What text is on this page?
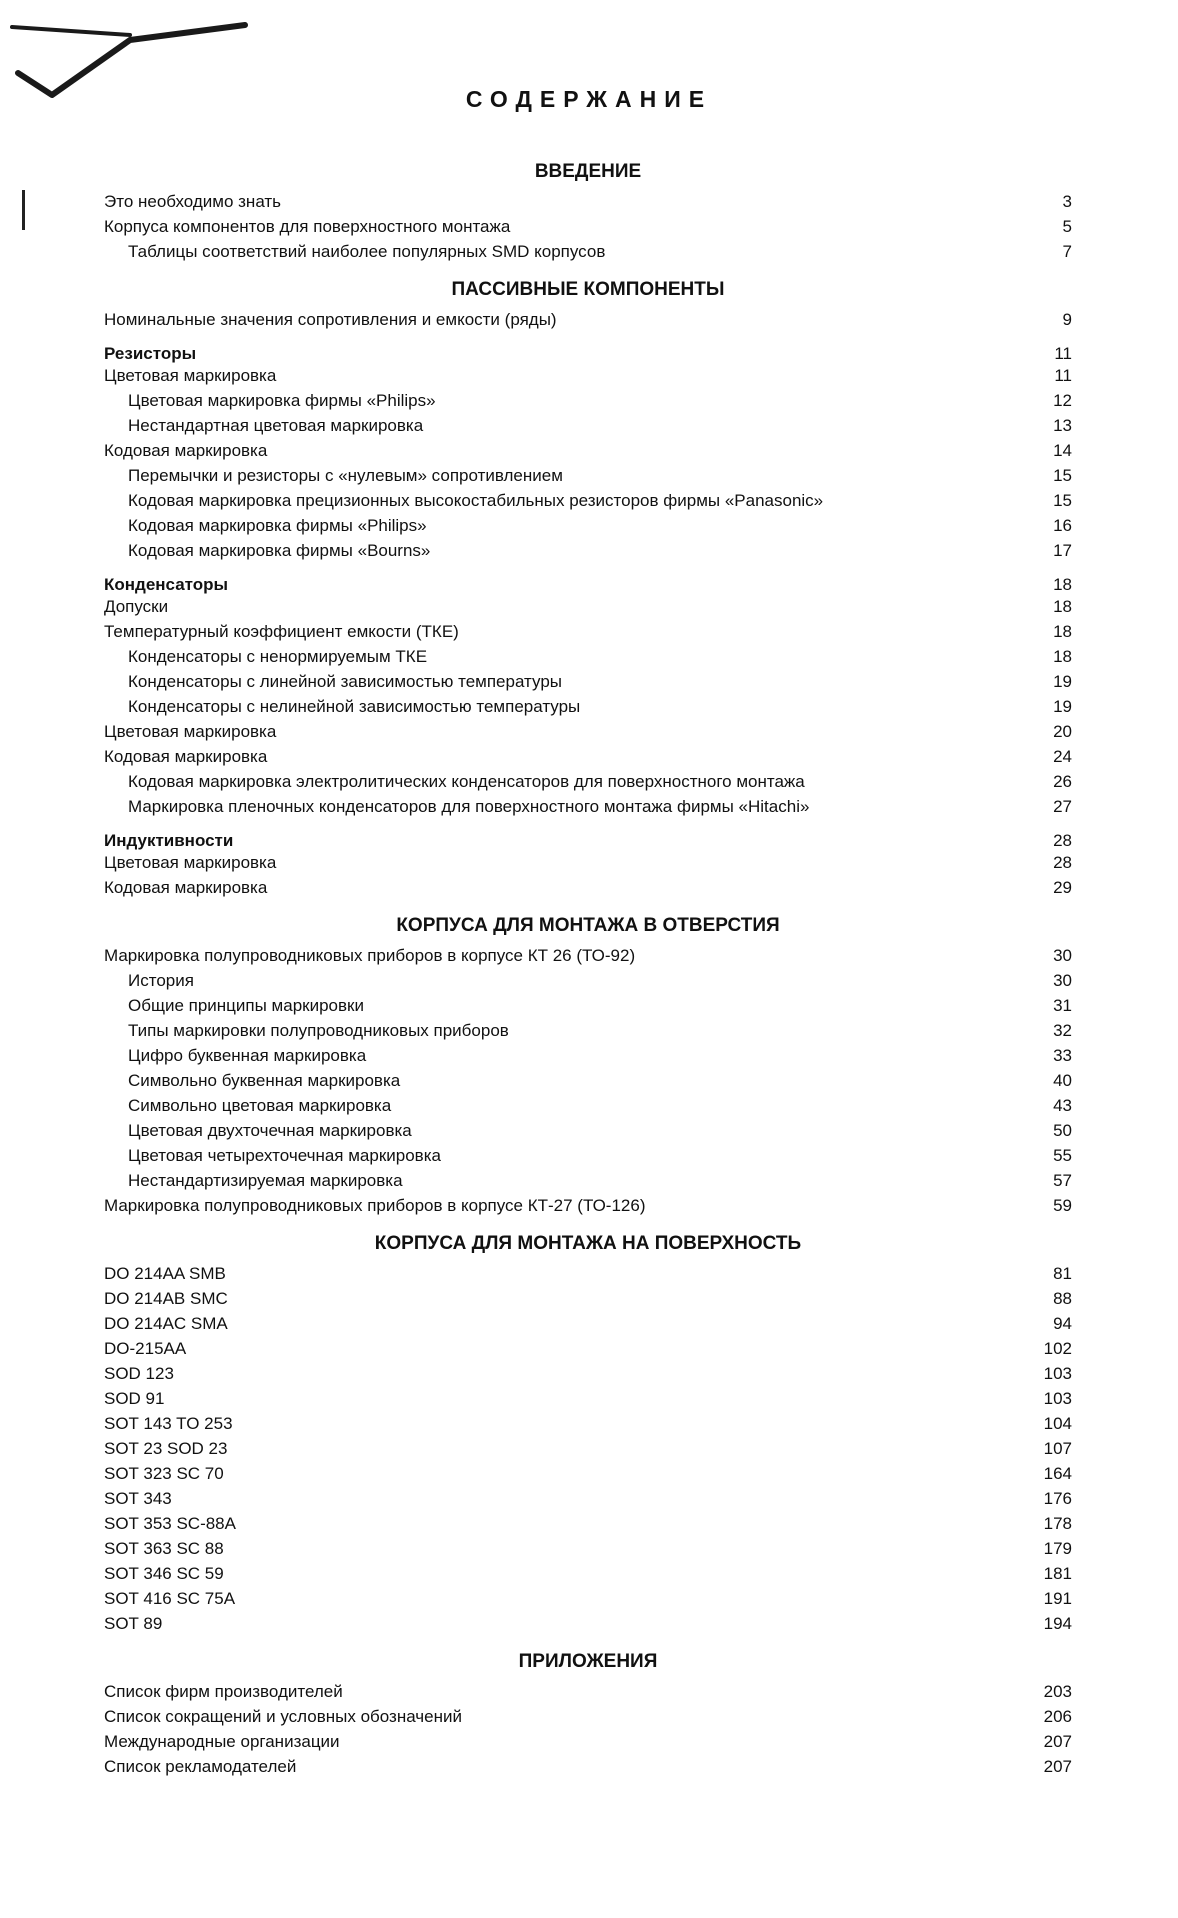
СОДЕРЖАНИЕ
ВВЕДЕНИЕ
Это необходимо знать	3
Корпуса компонентов для поверхностного монтажа	5
Таблицы соответствий наиболее популярных SMD корпусов	7
ПАССИВНЫЕ КОМПОНЕНТЫ
Номинальные значения сопротивления и емкости (ряды)	9
Резисторы	11
Цветовая маркировка	11
Цветовая маркировка фирмы «Philips»	12
Нестандартная цветовая маркировка	13
Кодовая маркировка	14
Перемычки и резисторы с «нулевым» сопротивлением	15
Кодовая маркировка прецизионных высокостабильных резисторов фирмы «Panasonic»	15
Кодовая маркировка фирмы «Philips»	16
Кодовая маркировка фирмы «Bourns»	17
Конденсаторы	18
Допуски	18
Температурный коэффициент емкости (ТКЕ)	18
Конденсаторы с ненормируемым ТКЕ	18
Конденсаторы с линейной зависимостью температуры	19
Конденсаторы с нелинейной зависимостью температуры	19
Цветовая маркировка	20
Кодовая маркировка	24
Кодовая маркировка электролитических конденсаторов для поверхностного монтажа	26
Маркировка пленочных конденсаторов для поверхностного монтажа фирмы «Hitachi»	27
Индуктивности	28
Цветовая маркировка	28
Кодовая маркировка	29
КОРПУСА ДЛЯ МОНТАЖА В ОТВЕРСТИЯ
Маркировка полупроводниковых приборов в корпусе КТ 26 (ТО-92)	30
История	30
Общие принципы маркировки	31
Типы маркировки полупроводниковых приборов	32
Цифро буквенная маркировка	33
Символьно буквенная маркировка	40
Символьно цветовая маркировка	43
Цветовая двухточечная маркировка	50
Цветовая четырехточечная маркировка	55
Нестандартизируемая маркировка	57
Маркировка полупроводниковых приборов в корпусе КТ-27 (ТО-126)	59
КОРПУСА ДЛЯ МОНТАЖА НА ПОВЕРХНОСТЬ
DO 214AA SMB	81
DO 214AB SMC	88
DO 214AC SMA	94
DO-215AA	102
SOD 123	103
SOD 91	103
SOT 143 TO 253	104
SOT 23 SOD 23	107
SOT 323 SC 70	164
SOT 343	176
SOT 353 SC-88A	178
SOT 363 SC 88	179
SOT 346 SC 59	181
SOT 416 SC 75A	191
SOT 89	194
ПРИЛОЖЕНИЯ
Список фирм производителей	203
Список сокращений и условных обозначений	206
Международные организации	207
Список рекламодателей	207
